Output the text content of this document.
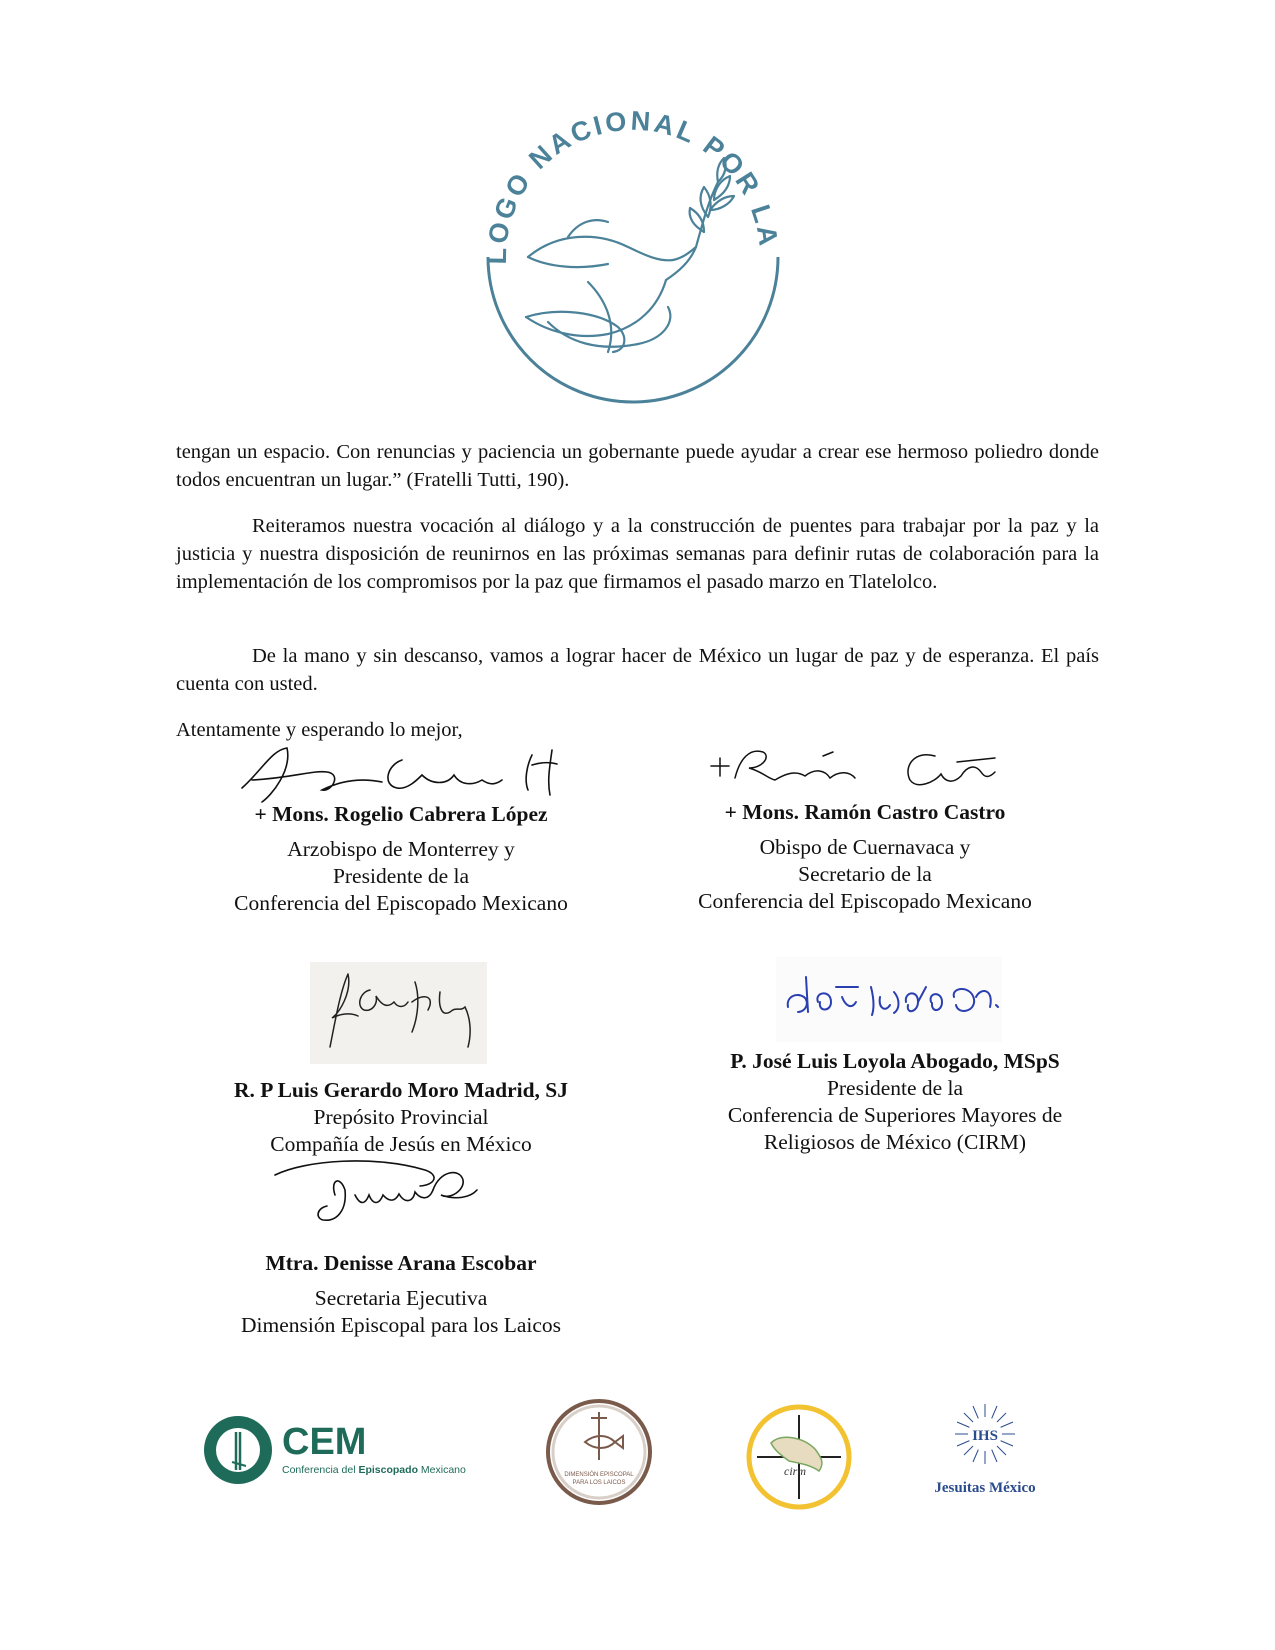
DIÁLOGO NACIONAL POR LA PAZ

tengan un espacio. Con renuncias y paciencia un gobernante puede ayudar a crear ese hermoso poliedro donde todos encuentran un lugar.” (Fratelli Tutti, 190).

Reiteramos nuestra vocación al diálogo y a la construcción de puentes para trabajar por la paz y la justicia y nuestra disposición de reunirnos en las próximas semanas para definir rutas de colaboración para la implementación de los compromisos por la paz que firmamos el pasado marzo en Tlatelolco.

De la mano y sin descanso, vamos a lograr hacer de México un lugar de paz y de esperanza. El país cuenta con usted.

Atentamente y esperando lo mejor,

+ Mons. Rogelio Cabrera López
Arzobispo de Monterrey y
Presidente de la
Conferencia del Episcopado Mexicano
+ Mons. Ramón Castro Castro
Obispo de Cuernavaca y
Secretario de la
Conferencia del Episcopado Mexicano
R. P Luis Gerardo Moro Madrid, SJ
Prepósito Provincial
Compañía de Jesús en México
P. José Luis Loyola Abogado, MSpS
Presidente de la
Conferencia de Superiores Mayores de
Religiosos de México (CIRM)
Mtra. Denisse Arana Escobar
Secretaria Ejecutiva
Dimensión Episcopal para los Laicos
CEM
Conferencia del Episcopado Mexicano	DIMENSIÓN EPISCOPAL
PARA LOS LAICOS
cirm
IHS
Jesuitas México
